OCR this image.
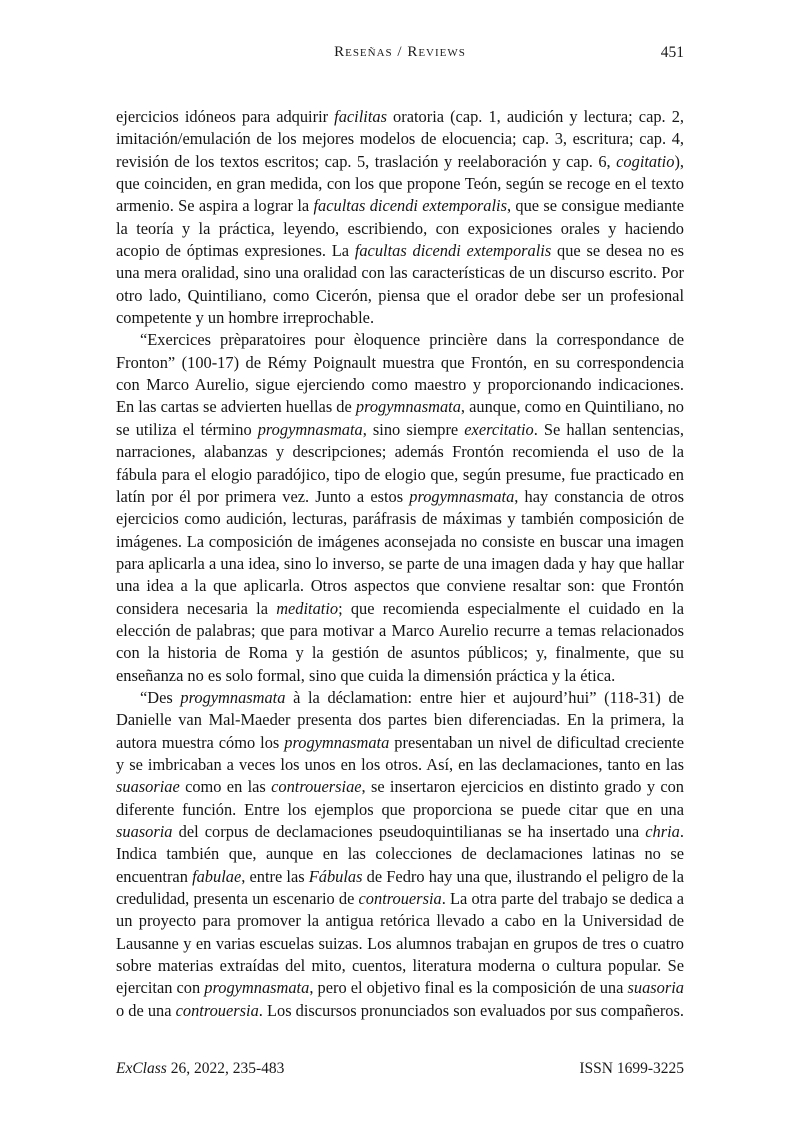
Reseñas / Reviews	451

ejercicios idóneos para adquirir facilitas oratoria (cap. 1, audición y lectura; cap. 2, imitación/emulación de los mejores modelos de elocuencia; cap. 3, escritura; cap. 4, revisión de los textos escritos; cap. 5, traslación y reelaboración y cap. 6, cogitatio), que coinciden, en gran medida, con los que propone Teón, según se recoge en el texto armenio. Se aspira a lograr la facultas dicendi extemporalis, que se consigue mediante la teoría y la práctica, leyendo, escribiendo, con exposiciones orales y haciendo acopio de óptimas expresiones. La facultas dicendi extemporalis que se desea no es una mera oralidad, sino una oralidad con las características de un discurso escrito. Por otro lado, Quintiliano, como Cicerón, piensa que el orador debe ser un profesional competente y un hombre irreprochable.

“Exercices prèparatoires pour èloquence princière dans la correspondance de Fronton” (100-17) de Rémy Poignault muestra que Frontón, en su correspondencia con Marco Aurelio, sigue ejerciendo como maestro y proporcionando indicaciones. En las cartas se advierten huellas de progymnasmata, aunque, como en Quintiliano, no se utiliza el término progymnasmata, sino siempre exercitatio. Se hallan sentencias, narraciones, alabanzas y descripciones; además Frontón recomienda el uso de la fábula para el elogio paradójico, tipo de elogio que, según presume, fue practicado en latín por él por primera vez. Junto a estos progymnasmata, hay constancia de otros ejercicios como audición, lecturas, paráfrasis de máximas y también composición de imágenes. La composición de imágenes aconsejada no consiste en buscar una imagen para aplicarla a una idea, sino lo inverso, se parte de una imagen dada y hay que hallar una idea a la que aplicarla. Otros aspectos que conviene resaltar son: que Frontón considera necesaria la meditatio; que recomienda especialmente el cuidado en la elección de palabras; que para motivar a Marco Aurelio recurre a temas relacionados con la historia de Roma y la gestión de asuntos públicos; y, finalmente, que su enseñanza no es solo formal, sino que cuida la dimensión práctica y la ética.

“Des progymnasmata à la déclamation: entre hier et aujourd’hui” (118-31) de Danielle van Mal-Maeder presenta dos partes bien diferenciadas. En la primera, la autora muestra cómo los progymnasmata presentaban un nivel de dificultad creciente y se imbricaban a veces los unos en los otros. Así, en las declamaciones, tanto en las suasoriae como en las controuersiae, se insertaron ejercicios en distinto grado y con diferente función. Entre los ejemplos que proporciona se puede citar que en una suasoria del corpus de declamaciones pseudoquintilianas se ha insertado una chria. Indica también que, aunque en las colecciones de declamaciones latinas no se encuentran fabulae, entre las Fábulas de Fedro hay una que, ilustrando el peligro de la credulidad, presenta un escenario de controuersia. La otra parte del trabajo se dedica a un proyecto para promover la antigua retórica llevado a cabo en la Universidad de Lausanne y en varias escuelas suizas. Los alumnos trabajan en grupos de tres o cuatro sobre materias extraídas del mito, cuentos, literatura moderna o cultura popular. Se ejercitan con progymnasmata, pero el objetivo final es la composición de una suasoria o de una controuersia. Los discursos pronunciados son evaluados por sus compañeros.

ExClass 26, 2022, 235-483	ISSN 1699-3225
